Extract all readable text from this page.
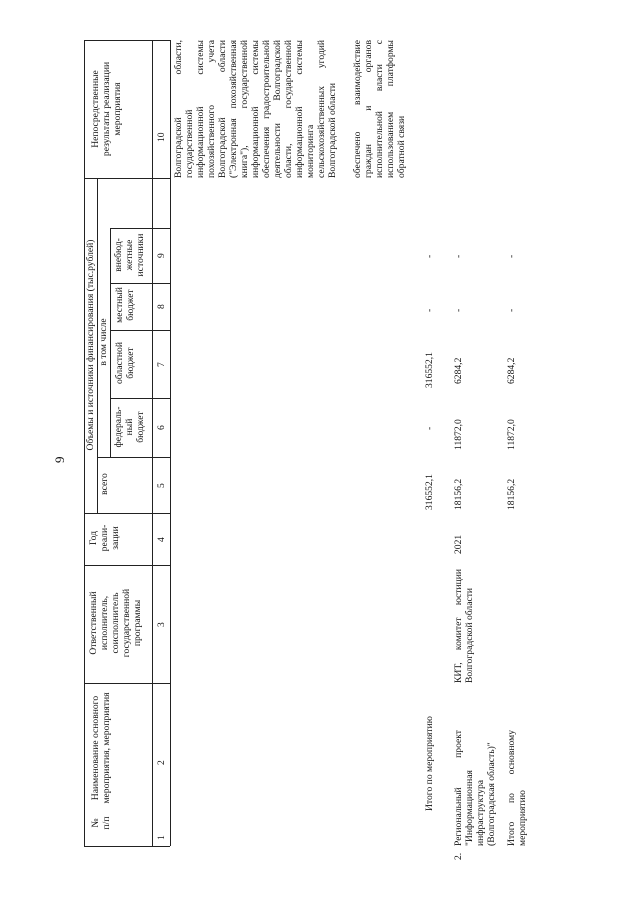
9
№
п/п
Наименование основного
мероприятия, мероприятия
Ответственный
исполнитель,
соисполнитель
государственной
программы
Год
реали-
зации
Объемы и источники финансирования (тыс.рублей)
всего
в том числе
федераль-
ный
бюджет
областной
бюджет
местный
бюджет
внебюд-
жетные
источники
Непосредственные
результаты реализации
мероприятия
1
2
3
4
5
6
7
8
9
10 Волгоградской области, государственной информационной системы похозяйственного учета Волгоградской области ("Электронная похозяйственная книга"), государственной информационной системы обеспечения градостроительной деятельности Волгоградской области, государственной информационной системы мониторинга сельскохозяйственных угодий Волгоградской области обеспечено взаимодействие граждан и органов исполнительной власти с использованием платформы обратной связи
Итого по мероприятию
316552,1
-
316552,1
-
-
2.
Региональный проект "Информационная инфраструктура (Волгоградская область)"
КИТ, комитет юстиции Волгоградской области
2021
18156,2
11872,0
6284,2
-
-
Итого по основному мероприятию
18156,2
11872,0
6284,2
-
-
